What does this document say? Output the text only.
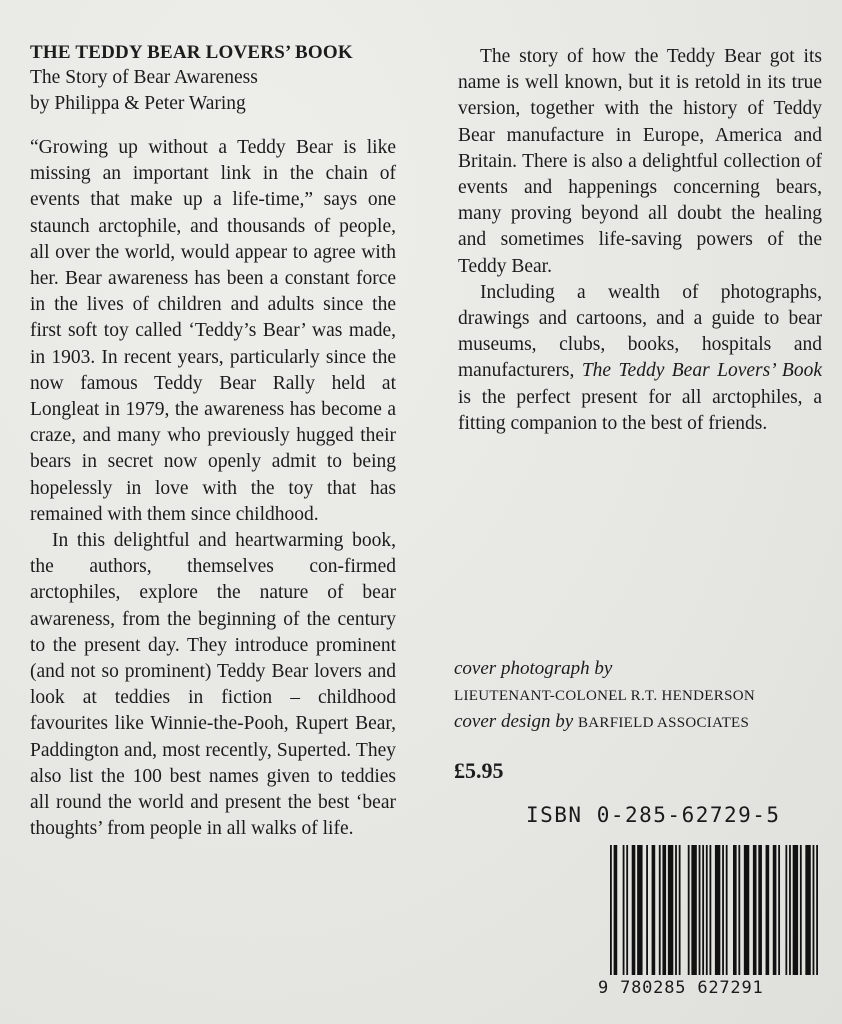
THE TEDDY BEAR LOVERS’ BOOK

The Story of Bear Awareness

by Philippa & Peter Waring

“Growing up without a Teddy Bear is like missing an important link in the chain of events that make up a life-time,” says one staunch arctophile, and thousands of people, all over the world, would appear to agree with her. Bear awareness has been a constant force in the lives of children and adults since the first soft toy called ‘Teddy’s Bear’ was made, in 1903. In recent years, particularly since the now famous Teddy Bear Rally held at Longleat in 1979, the awareness has become a craze, and many who previously hugged their bears in secret now openly admit to being hopelessly in love with the toy that has remained with them since childhood.

In this delightful and heartwarming book, the authors, themselves con-firmed arctophiles, explore the nature of bear awareness, from the beginning of the century to the present day. They introduce prominent (and not so prominent) Teddy Bear lovers and look at teddies in fiction – childhood favourites like Winnie-the-Pooh, Rupert Bear, Paddington and, most recently, Superted. They also list the 100 best names given to teddies all round the world and present the best ‘bear thoughts’ from people in all walks of life.

The story of how the Teddy Bear got its name is well known, but it is retold in its true version, together with the history of Teddy Bear manufacture in Europe, America and Britain. There is also a delightful collection of events and happenings concerning bears, many proving beyond all doubt the healing and sometimes life-saving powers of the Teddy Bear.

Including a wealth of photographs, drawings and cartoons, and a guide to bear museums, clubs, books, hospitals and manufacturers, The Teddy Bear Lovers’ Book is the perfect present for all arctophiles, a fitting companion to the best of friends.

cover photograph by

LIEUTENANT-COLONEL R.T. HENDERSON

cover design by BARFIELD ASSOCIATES

£5.95
ISBN 0-285-62729-5
9 780285 627291
